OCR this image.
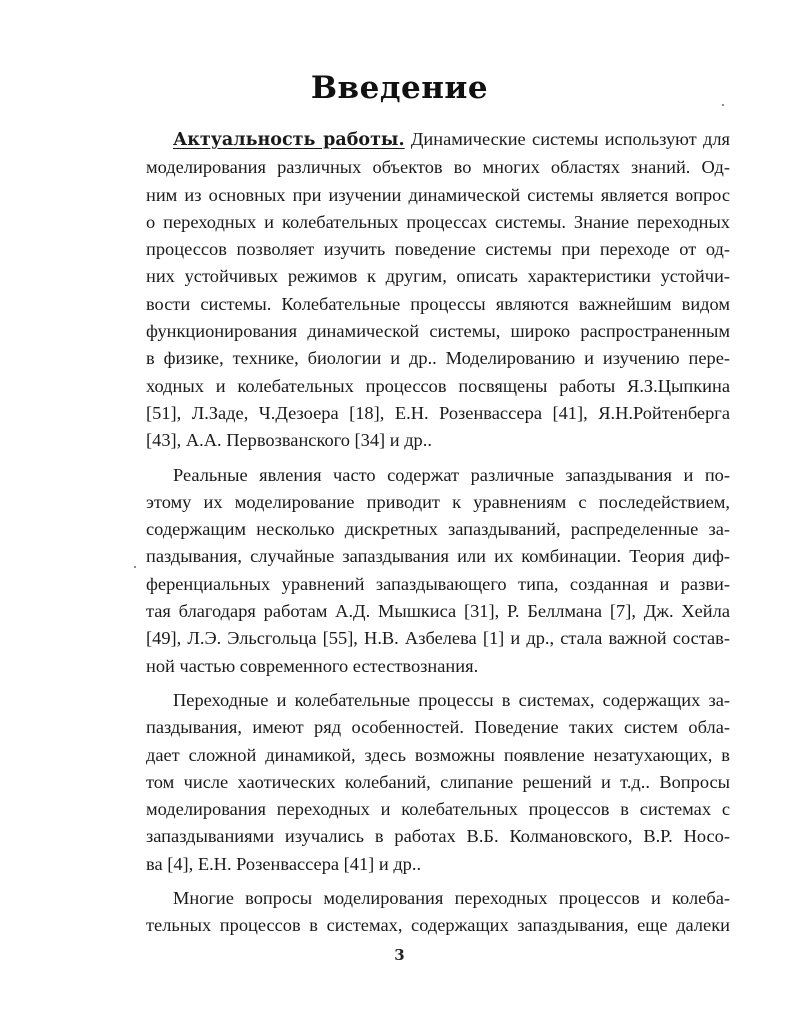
Введение
Актуальность работы. Динамические системы используют для
моделирования различных объектов во многих областях знаний. Од-
ним из основных при изучении динамической системы является вопрос
о переходных и колебательных процессах системы. Знание переходных
процессов позволяет изучить поведение системы при переходе от од-
них устойчивых режимов к другим, описать характеристики устойчи-
вости системы. Колебательные процессы являются важнейшим видом
функционирования динамической системы, широко распространенным
в физике, технике, биологии и др.. Моделированию и изучению пере-
ходных и колебательных процессов посвящены работы Я.З.Цыпкина
[51], Л.Заде, Ч.Дезоера [18], Е.Н. Розенвассера [41], Я.Н.Ройтенберга
[43], А.А. Первозванского [34] и др..
Реальные явления часто содержат различные запаздывания и по-
этому их моделирование приводит к уравнениям с последействием,
содержащим несколько дискретных запаздываний, распределенные за-
паздывания, случайные запаздывания или их комбинации. Теория диф-
ференциальных уравнений запаздывающего типа, созданная и разви-
тая благодаря работам А.Д. Мышкиса [31], Р. Беллмана [7], Дж. Хейла
[49], Л.Э. Эльсгольца [55], Н.В. Азбелева [1] и др., стала важной состав-
ной частью современного естествознания.
Переходные и колебательные процессы в системах, содержащих за-
паздывания, имеют ряд особенностей. Поведение таких систем обла-
дает сложной динамикой, здесь возможны появление незатухающих, в
том числе хаотических колебаний, слипание решений и т.д.. Вопросы
моделирования переходных и колебательных процессов в системах с
запаздываниями изучались в работах В.Б. Колмановского, В.Р. Носо-
ва [4], Е.Н. Розенвассера [41] и др..
Многие вопросы моделирования переходных процессов и колеба-
тельных процессов в системах, содержащих запаздывания, еще далеки
3
